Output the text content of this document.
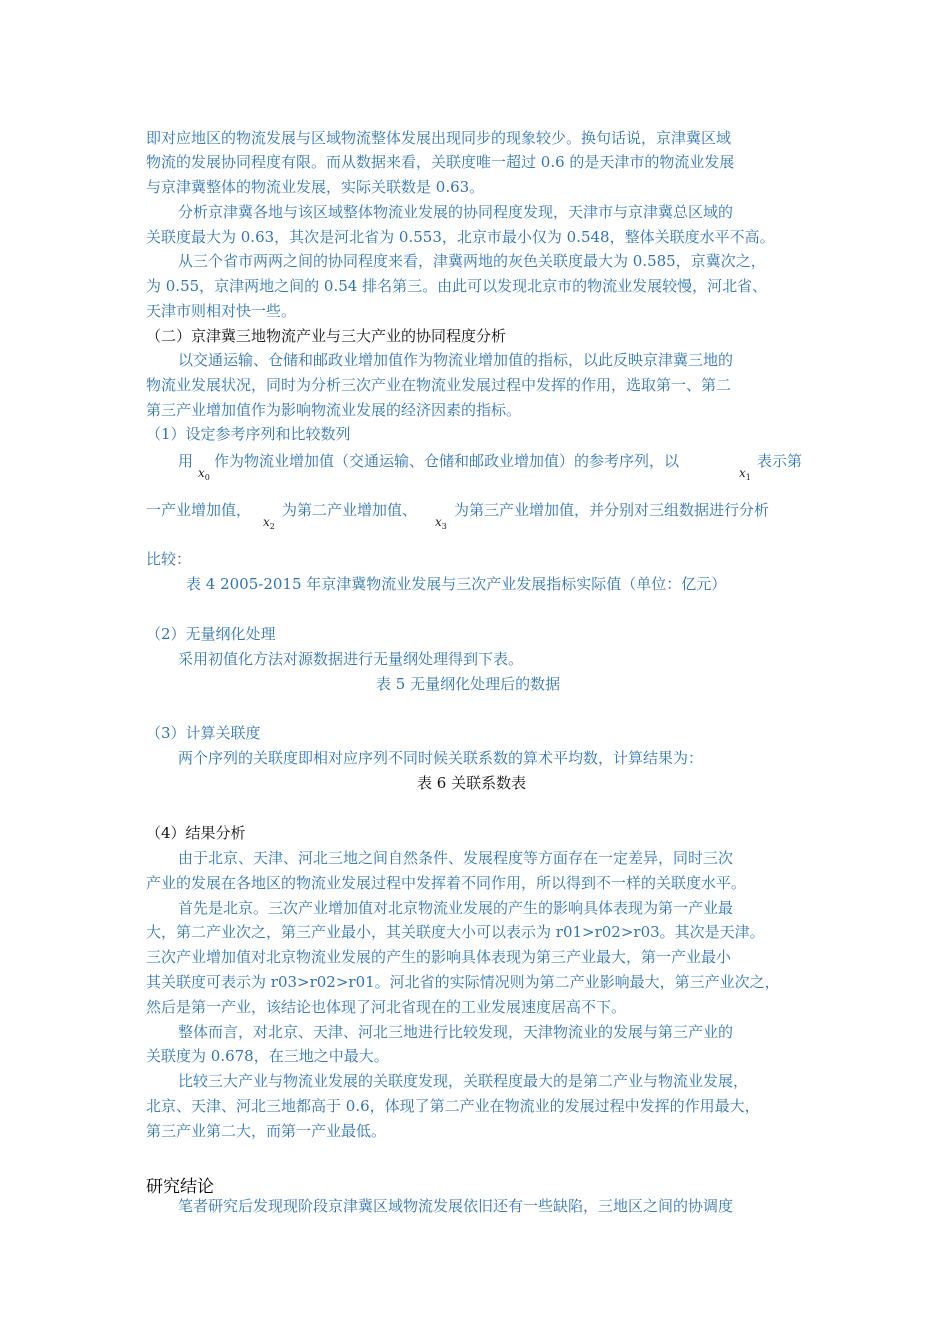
即对应地区的物流发展与区域物流整体发展出现同步的现象较少。换句话说，京津冀区域
物流的发展协同程度有限。而从数据来看，关联度唯一超过 0.6 的是天津市的物流业发展
与京津冀整体的物流业发展，实际关联数是 0.63。
分析京津冀各地与该区域整体物流业发展的协同程度发现，天津市与京津冀总区域的
关联度最大为 0.63，其次是河北省为 0.553，北京市最小仅为 0.548，整体关联度水平不高。
从三个省市两两之间的协同程度来看，津冀两地的灰色关联度最大为 0.585，京冀次之，
为 0.55，京津两地之间的 0.54 排名第三。由此可以发现北京市的物流业发展较慢，河北省、
天津市则相对快一些。
（二）京津冀三地物流产业与三大产业的协同程度分析
以交通运输、仓储和邮政业增加值作为物流业增加值的指标，以此反映京津冀三地的
物流业发展状况，同时为分析三次产业在物流业发展过程中发挥的作用，选取第一、第二
第三产业增加值作为影响物流业发展的经济因素的指标。
（1）设定参考序列和比较数列
用
$x_0$
作为物流业增加值（交通运输、仓储和邮政业增加值）的参考序列，以
$x_1$
表示第
一产业增加值，
$x_2$
为第二产业增加值、
$x_3$
为第三产业增加值，并分别对三组数据进行分析
比较：
表 4 2005-2015 年京津冀物流业发展与三次产业发展指标实际值（单位：亿元）
（2）无量纲化处理
采用初值化方法对源数据进行无量纲处理得到下表。
表 5 无量纲化处理后的数据
（3）计算关联度
两个序列的关联度即相对应序列不同时候关联系数的算术平均数，计算结果为：
表 6 关联系数表
（4）结果分析
由于北京、天津、河北三地之间自然条件、发展程度等方面存在一定差异，同时三次
产业的发展在各地区的物流业发展过程中发挥着不同作用，所以得到不一样的关联度水平。
首先是北京。三次产业增加值对北京物流业发展的产生的影响具体表现为第一产业最
大，第二产业次之，第三产业最小，其关联度大小可以表示为 r01>r02>r03。其次是天津。
三次产业增加值对北京物流业发展的产生的影响具体表现为第三产业最大，第一产业最小
其关联度可表示为 r03>r02>r01。河北省的实际情况则为第二产业影响最大，第三产业次之，
然后是第一产业，该结论也体现了河北省现在的工业发展速度居高不下。
整体而言，对北京、天津、河北三地进行比较发现，天津物流业的发展与第三产业的
关联度为 0.678，在三地之中最大。
比较三大产业与物流业发展的关联度发现，关联程度最大的是第二产业与物流业发展，
北京、天津、河北三地都高于 0.6，体现了第二产业在物流业的发展过程中发挥的作用最大，
第三产业第二大，而第一产业最低。
研究结论
笔者研究后发现现阶段京津冀区域物流发展依旧还有一些缺陷，三地区之间的协调度
